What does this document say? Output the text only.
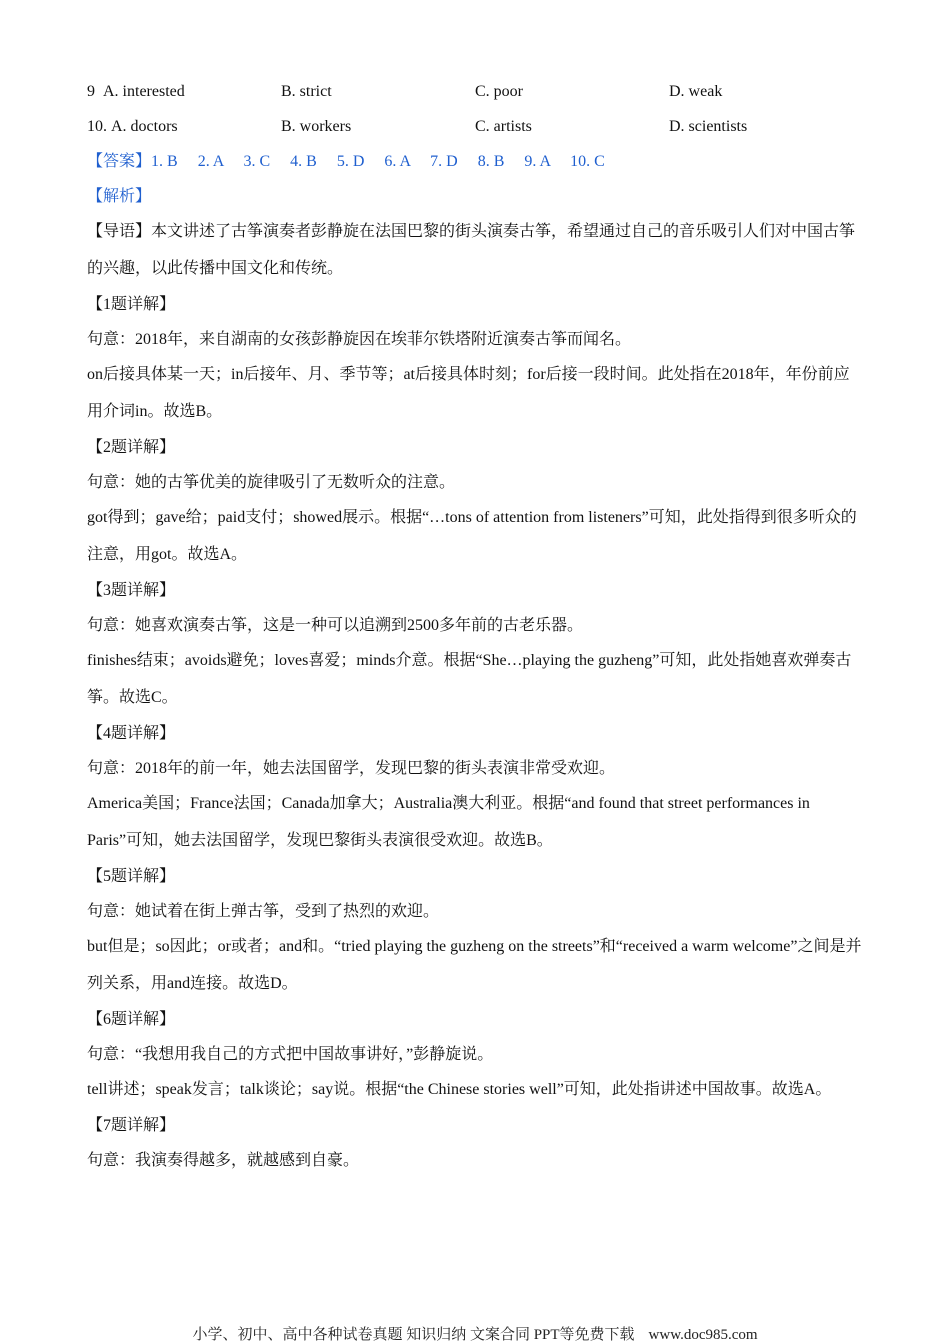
9 A. interested	B. strict	C. poor	D. weak
10. A. doctors	B. workers	C. artists	D. scientists
【答案】1. B　 2. A　 3. C　 4. B　 5. D　 6. A　 7. D　 8. B　 9. A　 10. C
【解析】
【导语】本文讲述了古筝演奏者彭静旋在法国巴黎的街头演奏古筝，希望通过自己的音乐吸引人们对中国古筝的兴趣，以此传播中国文化和传统。
【1题详解】
句意：2018年，来自湖南的女孩彭静旋因在埃菲尔铁塔附近演奏古筝而闻名。
on后接具体某一天；in后接年、月、季节等；at后接具体时刻；for后接一段时间。此处指在2018年，年份前应用介词in。故选B。
【2题详解】
句意：她的古筝优美的旋律吸引了无数听众的注意。
got得到；gave给；paid支付；showed展示。根据“…tons of attention from listeners”可知，此处指得到很多听众的注意，用got。故选A。
【3题详解】
句意：她喜欢演奏古筝，这是一种可以追溯到2500多年前的古老乐器。
finishes结束；avoids避免；loves喜爱；minds介意。根据“She…playing the guzheng”可知，此处指她喜欢弹奏古筝。故选C。
【4题详解】
句意：2018年的前一年，她去法国留学，发现巴黎的街头表演非常受欢迎。
America美国；France法国；Canada加拿大；Australia澳大利亚。根据“and found that street performances in Paris”可知，她去法国留学，发现巴黎街头表演很受欢迎。故选B。
【5题详解】
句意：她试着在街上弹古筝，受到了热烈的欢迎。
but但是；so因此；or或者；and和。“tried playing the guzheng on the streets”和“received a warm welcome”之间是并列关系，用and连接。故选D。
【6题详解】
句意：“我想用我自己的方式把中国故事讲好，”彭静旋说。
tell讲述；speak发言；talk谈论；say说。根据“the Chinese stories well”可知，此处指讲述中国故事。故选A。
【7题详解】
句意：我演奏得越多，就越感到自豪。
小学、初中、高中各种试卷真题 知识归纳 文案合同 PPT等免费下载 www.doc985.com
